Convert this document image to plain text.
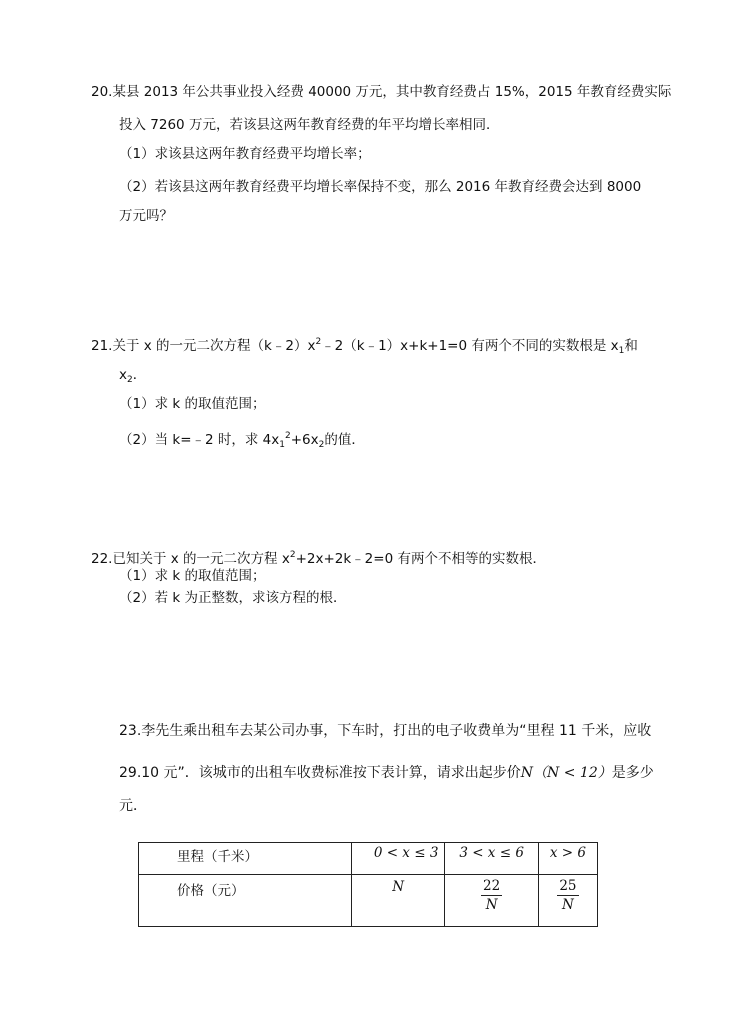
20.某县 2013 年公共事业投入经费 40000 万元，其中教育经费占 15%，2015 年教育经费实际
投入 7260 万元，若该县这两年教育经费的年平均增长率相同．
（1）求该县这两年教育经费平均增长率；
（2）若该县这两年教育经费平均增长率保持不变，那么 2016 年教育经费会达到 8000
万元吗？
21.关于 x 的一元二次方程$(k﹣2)x^2﹣2(k﹣1)x+k+1=0$ 有两个不同的实数根是 $x_1$和
$x_2$．
（1）求 k 的取值范围；
（2）当 k=﹣2 时，求 $4x_1^2+6x_2$的值．
22.已知关于 x 的一元二次方程 $x^2+2x+2k﹣2=0$ 有两个不相等的实数根．
（1）求 k 的取值范围；
（2）若 k 为正整数，求该方程的根．
23.李先生乘出租车去某公司办事，下车时，打出的电子收费单为“里程 11 千米，应收
29.10 元”．该城市的出租车收费标准按下表计算，请求出起步价N（N < 12）是多少
元．
里程（千米）	0 < x ≤ 3	3 < x ≤ 6	x > 6
价格（元）	N	$\frac{22}{N}$	$\frac{25}{N}$
